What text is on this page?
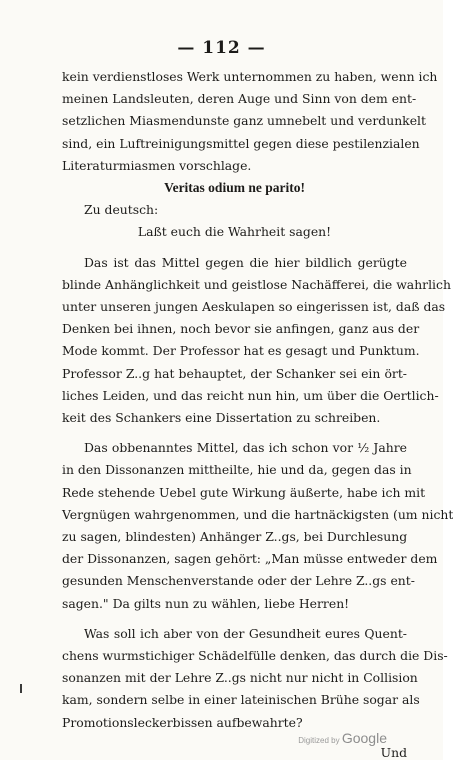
— 112 —
kein verdienstloses Werk unternommen zu haben, wenn ich
meinen Landsleuten, deren Auge und Sinn von dem ent-
setzlichen Miasmendunste ganz umnebelt und verdunkelt
sind, ein Luftreinigungsmittel gegen diese pestilenzialen
Literaturmiasmen vorschlage.
Veritas odium ne parito!
Zu deutsch:
Laßt euch die Wahrheit sagen!
Das ist das Mittel gegen die hier bildlich gerügte
blinde Anhänglichkeit und geistlose Nachäfferei, die wahrlich
unter unseren jungen Aeskulapen so eingerissen ist, daß das
Denken bei ihnen, noch bevor sie anfingen, ganz aus der
Mode kommt. Der Professor hat es gesagt und Punktum.
Professor Z..g hat behauptet, der Schanker sei ein ört-
liches Leiden, und das reicht nun hin, um über die Oertlich-
keit des Schankers eine Dissertation zu schreiben.
Das obbenanntes Mittel, das ich schon vor ½ Jahre
in den Dissonanzen mittheilte, hie und da, gegen das in
Rede stehende Uebel gute Wirkung äußerte, habe ich mit
Vergnügen wahrgenommen, und die hartnäckigsten (um nicht
zu sagen, blindesten) Anhänger Z..gs, bei Durchlesung
der Dissonanzen, sagen gehört: „Man müsse entweder dem
gesunden Menschenverstande oder der Lehre Z..gs ent-
sagen." Da gilts nun zu wählen, liebe Herren!
Was soll ich aber von der Gesundheit eures Quent-
chens wurmstichiger Schädelfülle denken, das durch die Dis-
sonanzen mit der Lehre Z..gs nicht nur nicht in Collision
kam, sondern selbe in einer lateinischen Brühe sogar als
Promotionsleckerbissen aufbewahrte?
Und
Digitized by Google
